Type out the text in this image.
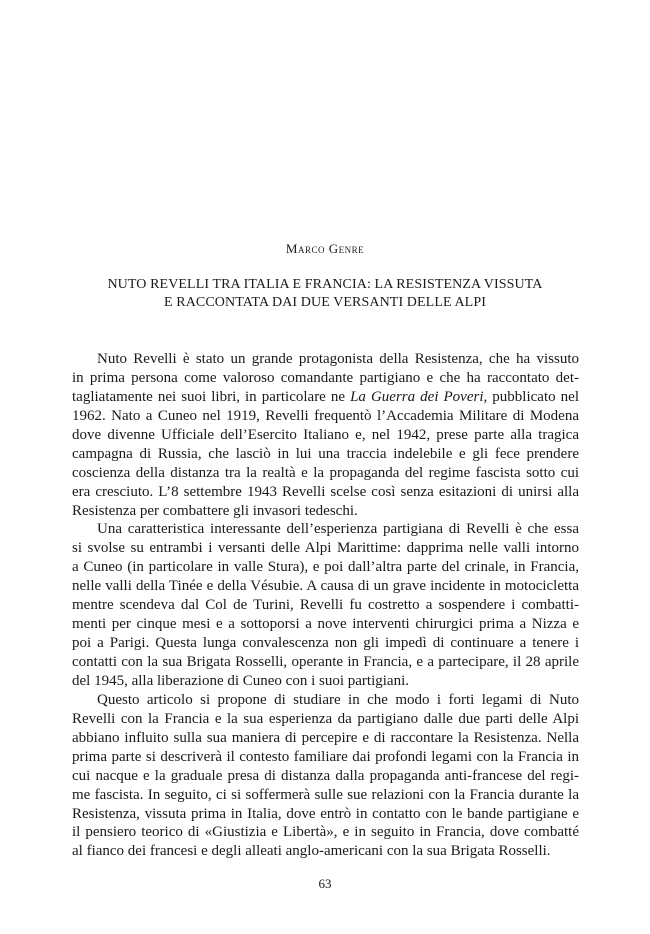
Marco Genre
NUTO REVELLI TRA ITALIA E FRANCIA: LA RESISTENZA VISSUTA
E RACCONTATA DAI DUE VERSANTI DELLE ALPI
Nuto Revelli è stato un grande protagonista della Resistenza, che ha vissuto
in prima persona come valoroso comandante partigiano e che ha raccontato det-
tagliatamente nei suoi libri, in particolare ne La Guerra dei Poveri, pubblicato nel
1962. Nato a Cuneo nel 1919, Revelli frequentò l’Accademia Militare di Modena
dove divenne Ufficiale dell’Esercito Italiano e, nel 1942, prese parte alla tragica
campagna di Russia, che lasciò in lui una traccia indelebile e gli fece prendere
coscienza della distanza tra la realtà e la propaganda del regime fascista sotto cui
era cresciuto. L’8 settembre 1943 Revelli scelse così senza esitazioni di unirsi alla
Resistenza per combattere gli invasori tedeschi.
Una caratteristica interessante dell’esperienza partigiana di Revelli è che essa
si svolse su entrambi i versanti delle Alpi Marittime: dapprima nelle valli intorno
a Cuneo (in particolare in valle Stura), e poi dall’altra parte del crinale, in Francia,
nelle valli della Tinée e della Vésubie. A causa di un grave incidente in motocicletta
mentre scendeva dal Col de Turini, Revelli fu costretto a sospendere i combatti-
menti per cinque mesi e a sottoporsi a nove interventi chirurgici prima a Nizza e
poi a Parigi. Questa lunga convalescenza non gli impedì di continuare a tenere i
contatti con la sua Brigata Rosselli, operante in Francia, e a partecipare, il 28 aprile
del 1945, alla liberazione di Cuneo con i suoi partigiani.
Questo articolo si propone di studiare in che modo i forti legami di Nuto
Revelli con la Francia e la sua esperienza da partigiano dalle due parti delle Alpi
abbiano influito sulla sua maniera di percepire e di raccontare la Resistenza. Nella
prima parte si descriverà il contesto familiare dai profondi legami con la Francia in
cui nacque e la graduale presa di distanza dalla propaganda anti-francese del regi-
me fascista. In seguito, ci si soffermerà sulle sue relazioni con la Francia durante la
Resistenza, vissuta prima in Italia, dove entrò in contatto con le bande partigiane e
il pensiero teorico di «Giustizia e Libertà», e in seguito in Francia, dove combatté
al fianco dei francesi e degli alleati anglo-americani con la sua Brigata Rosselli.
63
